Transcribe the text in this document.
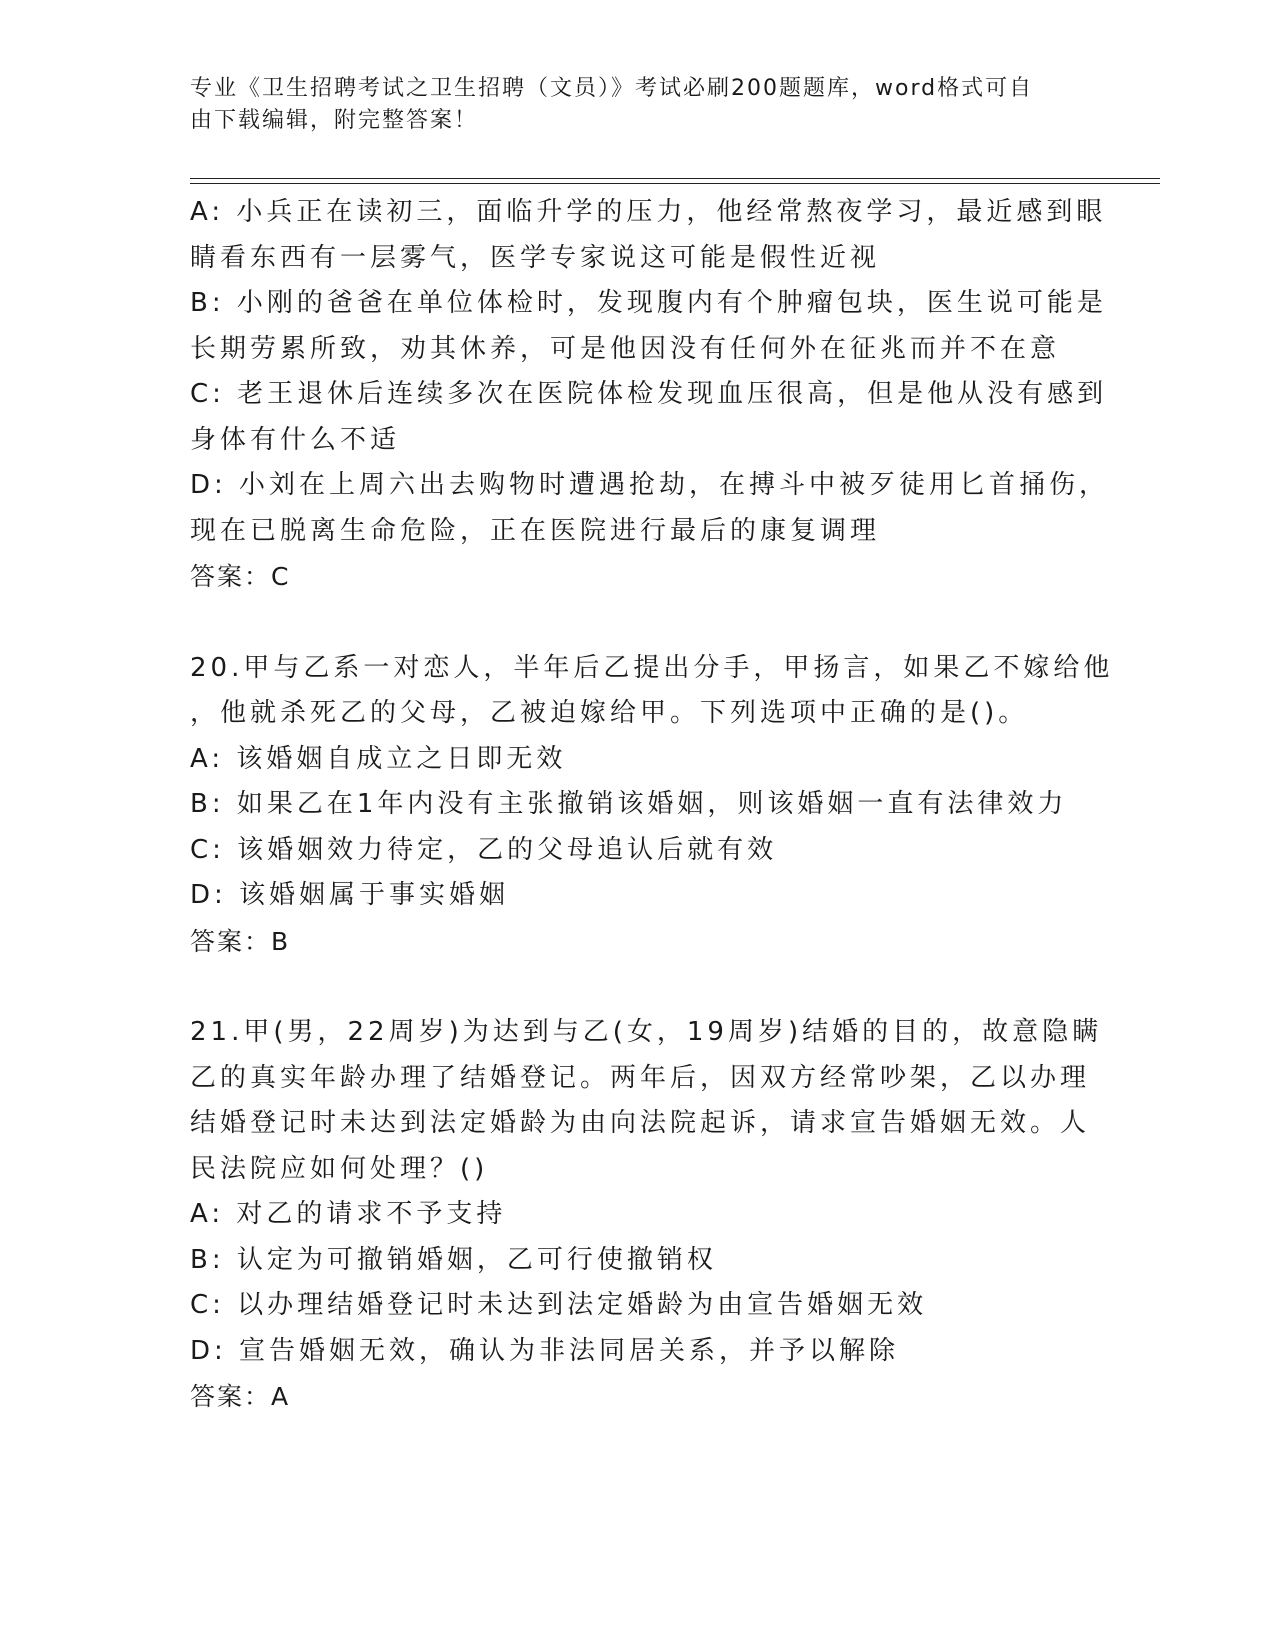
专业《卫生招聘考试之卫生招聘（文员）》考试必刷200题题库，word格式可自
由下载编辑，附完整答案！
A: 小兵正在读初三，面临升学的压力，他经常熬夜学习，最近感到眼
睛看东西有一层雾气，医学专家说这可能是假性近视
B: 小刚的爸爸在单位体检时，发现腹内有个肿瘤包块，医生说可能是
长期劳累所致，劝其休养，可是他因没有任何外在征兆而并不在意
C: 老王退休后连续多次在医院体检发现血压很高，但是他从没有感到
身体有什么不适
D: 小刘在上周六出去购物时遭遇抢劫，在搏斗中被歹徒用匕首捅伤，
现在已脱离生命危险，正在医院进行最后的康复调理
答案：C
20.甲与乙系一对恋人，半年后乙提出分手，甲扬言，如果乙不嫁给他
，他就杀死乙的父母，乙被迫嫁给甲。下列选项中正确的是()。
A: 该婚姻自成立之日即无效
B: 如果乙在1年内没有主张撤销该婚姻，则该婚姻一直有法律效力
C: 该婚姻效力待定，乙的父母追认后就有效
D: 该婚姻属于事实婚姻
答案：B
21.甲(男，22周岁)为达到与乙(女，19周岁)结婚的目的，故意隐瞒
乙的真实年龄办理了结婚登记。两年后，因双方经常吵架，乙以办理
结婚登记时未达到法定婚龄为由向法院起诉，请求宣告婚姻无效。人
民法院应如何处理？()
A: 对乙的请求不予支持
B: 认定为可撤销婚姻，乙可行使撤销权
C: 以办理结婚登记时未达到法定婚龄为由宣告婚姻无效
D: 宣告婚姻无效，确认为非法同居关系，并予以解除
答案：A
